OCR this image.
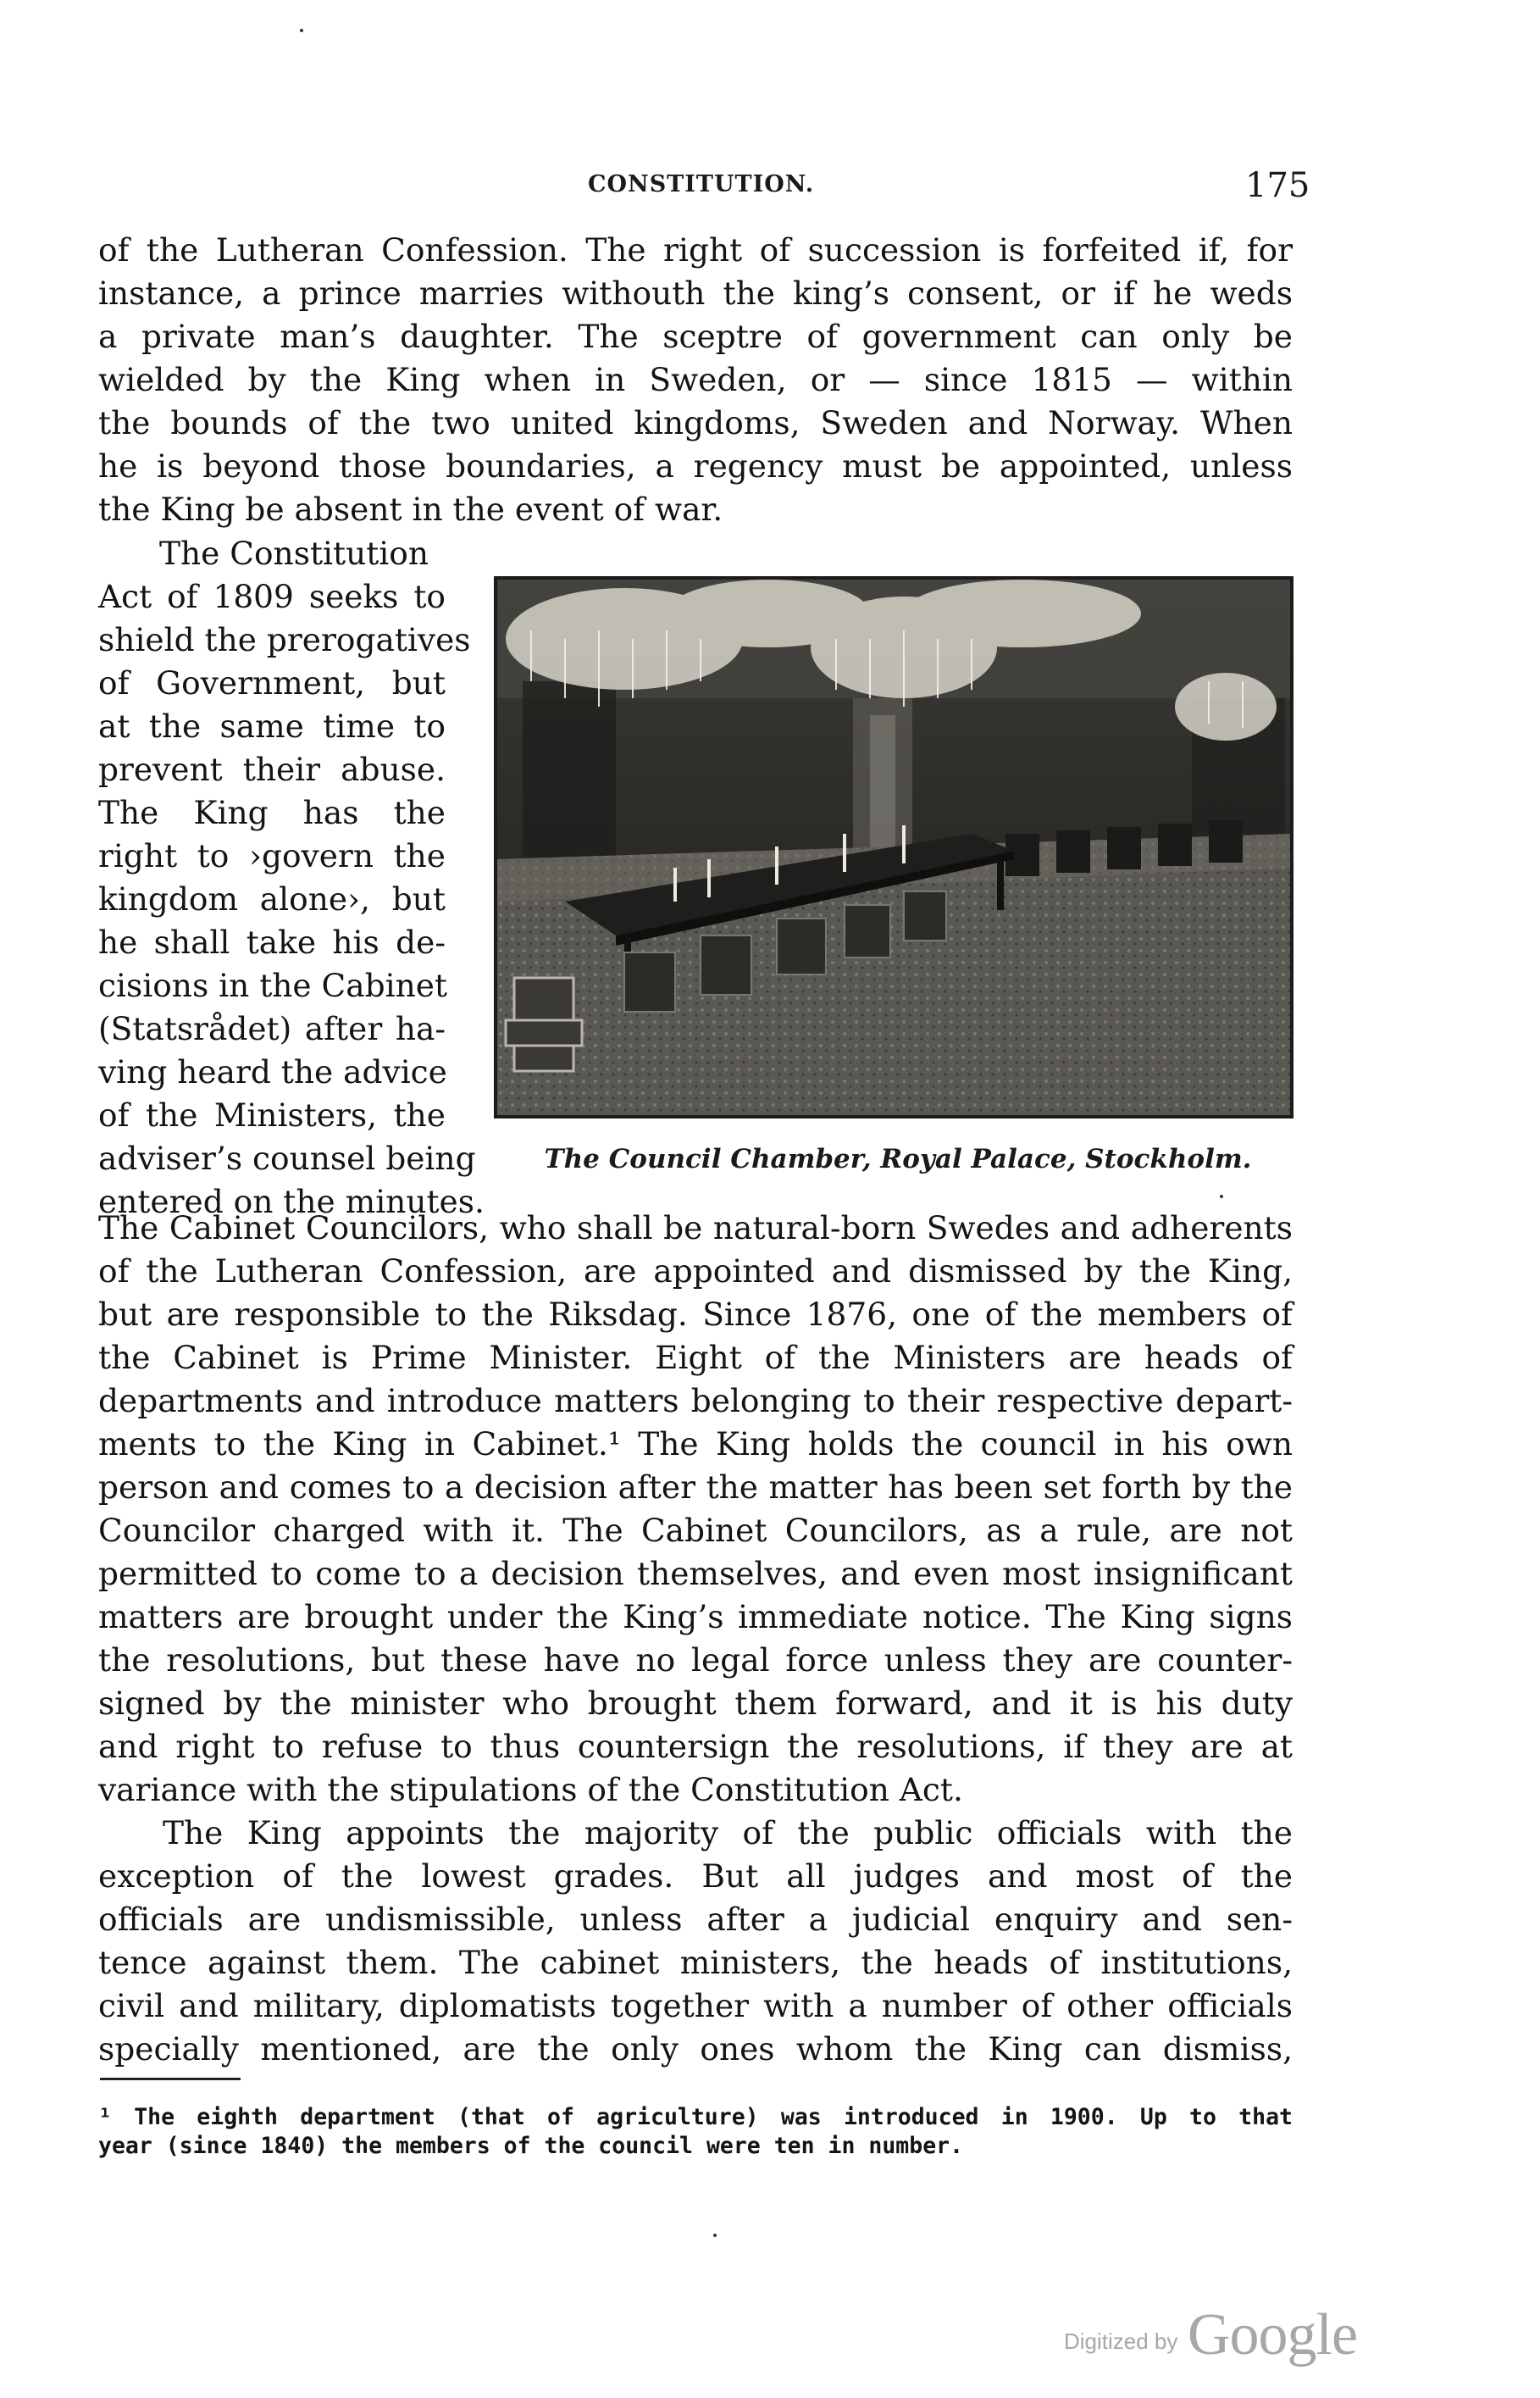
CONSTITUTION.	175
of the Lutheran Confession. The right of succession is forfeited if, for
instance, a prince marries withouth the king’s consent, or if he weds
a private man’s daughter. The sceptre of government can only be
wielded by the King when in Sweden, or — since 1815 — within
the bounds of the two united kingdoms, Sweden and Norway. When
he is beyond those boundaries, a regency must be appointed, unless
the King be absent in the event of war.
The Constitution
Act of 1809 seeks to
shield the prerogatives
of Government, but
at the same time to
prevent their abuse.
The King has the
right to ›govern the
kingdom alone›, but
he shall take his de-
cisions in the Cabinet
(Statsrådet) after ha-
ving heard the advice
of the Ministers, the
adviser’s counsel being
entered on the minutes.
The Council Chamber, Royal Palace, Stockholm.
The Cabinet Councilors, who shall be natural-born Swedes and adherents
of the Lutheran Confession, are appointed and dismissed by the King,
but are responsible to the Riksdag. Since 1876, one of the members of
the Cabinet is Prime Minister. Eight of the Ministers are heads of
departments and introduce matters belonging to their respective depart-
ments to the King in Cabinet.¹ The King holds the council in his own
person and comes to a decision after the matter has been set forth by the
Councilor charged with it. The Cabinet Councilors, as a rule, are not
permitted to come to a decision themselves, and even most insignificant
matters are brought under the King’s immediate notice. The King signs
the resolutions, but these have no legal force unless they are counter-
signed by the minister who brought them forward, and it is his duty
and right to refuse to thus countersign the resolutions, if they are at
variance with the stipulations of the Constitution Act.
The King appoints the majority of the public officials with the
exception of the lowest grades. But all judges and most of the
officials are undismissible, unless after a judicial enquiry and sen-
tence against them. The cabinet ministers, the heads of institutions,
civil and military, diplomatists together with a number of other officials
specially mentioned, are the only ones whom the King can dismiss,
¹ The eighth department (that of agriculture) was introduced in 1900. Up to that
year (since 1840) the members of the council were ten in number.
Digitized by Google
